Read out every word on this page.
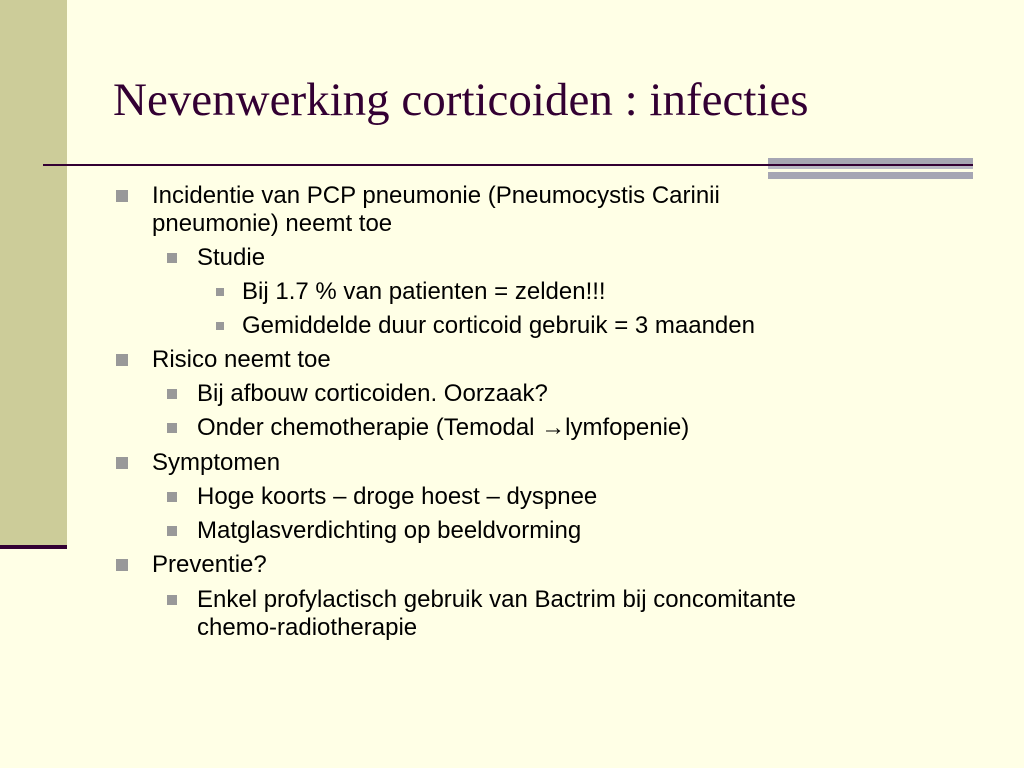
Nevenwerking corticoiden : infecties
Incidentie van PCP pneumonie (Pneumocystis Carinii
pneumonie) neemt toe
Studie
Bij 1.7 % van patienten = zelden!!!
Gemiddelde duur corticoid gebruik = 3 maanden
Risico neemt toe
Bij afbouw corticoiden. Oorzaak?
Onder chemotherapie (Temodal →lymfopenie)
Symptomen
Hoge koorts – droge hoest – dyspnee
Matglasverdichting op beeldvorming
Preventie?
Enkel profylactisch gebruik van Bactrim bij concomitante
chemo-radiotherapie
